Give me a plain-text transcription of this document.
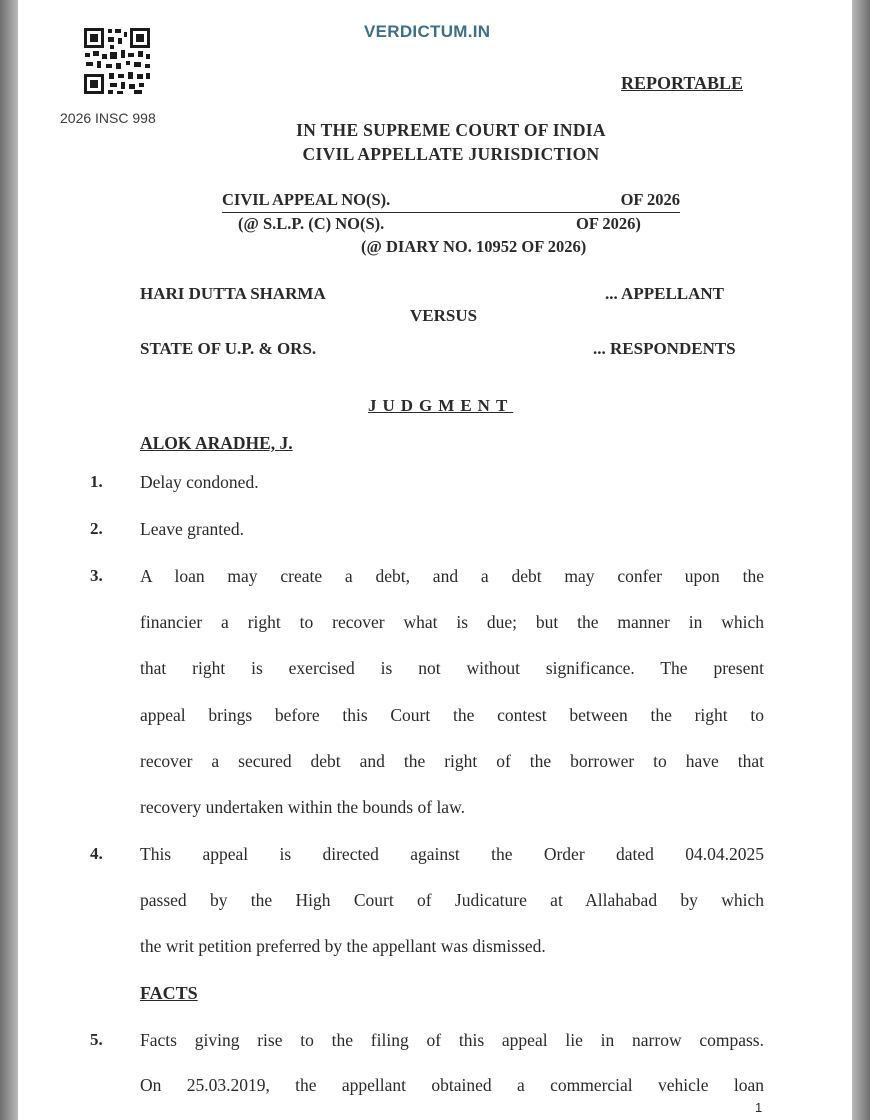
VERDICTUM.IN
2026 INSC 998
REPORTABLE
IN THE SUPREME COURT OF INDIA
CIVIL APPELLATE JURISDICTION
CIVIL APPEAL NO(S).	OF 2026
(@ S.L.P. (C) NO(S).	OF 2026)
(@ DIARY NO. 10952 OF 2026)
HARI DUTTA SHARMA	... APPELLANT
VERSUS
STATE OF U.P. & ORS.	... RESPONDENTS
JUDGMENT
ALOK ARADHE, J.
1. Delay condoned.
2. Leave granted.
3. A loan may create a debt, and a debt may confer upon the
financier a right to recover what is due; but the manner in which
that right is exercised is not without significance. The present
appeal brings before this Court the contest between the right to
recover a secured debt and the right of the borrower to have that
recovery undertaken within the bounds of law.
4. This appeal is directed against the Order dated 04.04.2025
passed by the High Court of Judicature at Allahabad by which
the writ petition preferred by the appellant was dismissed.
FACTS
5. Facts giving rise to the filing of this appeal lie in narrow compass.
On 25.03.2019, the appellant obtained a commercial vehicle loan
1
